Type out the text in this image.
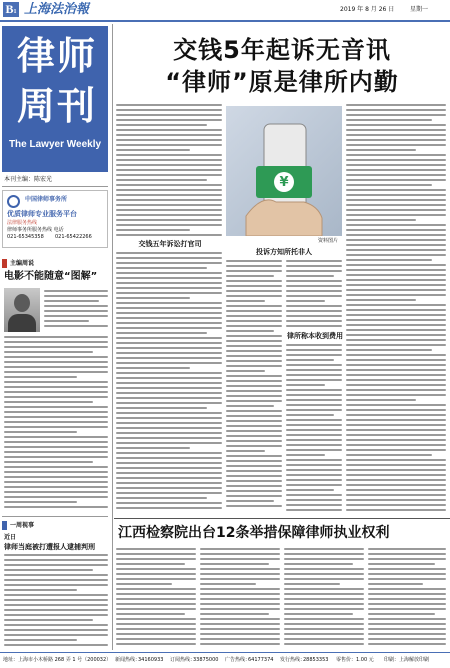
B1 上海法治報	2019 年 8 月 26 日	星期一
律师
周刊
The Lawyer Weekly
本刊主编：陈宏光
中国律师事务所
优质律师专业服务平台
法律服务热线
律师事务所服务热线 电话
021-65345358 021-65422266
主编周说
电影不能随意“图解”
一周视事
近日
律师当庭被打遭报人逮捕判刑
交钱5年起诉无音讯
“律师”原是律所内勤
交钱五年诉讼打官司
¥
资料图片
投诉方知所托非人
律所称本收到费用
江西检察院出台12条举措保障律师执业权利
地址：上海市小木桥路 268 弄 1 号（200032） 新闻热线：
34160933 订阅热线：
33875000 广告热线：
64177374 发行热线：
28853353 零售价：1.00 元 印刷：上海解放印刷
